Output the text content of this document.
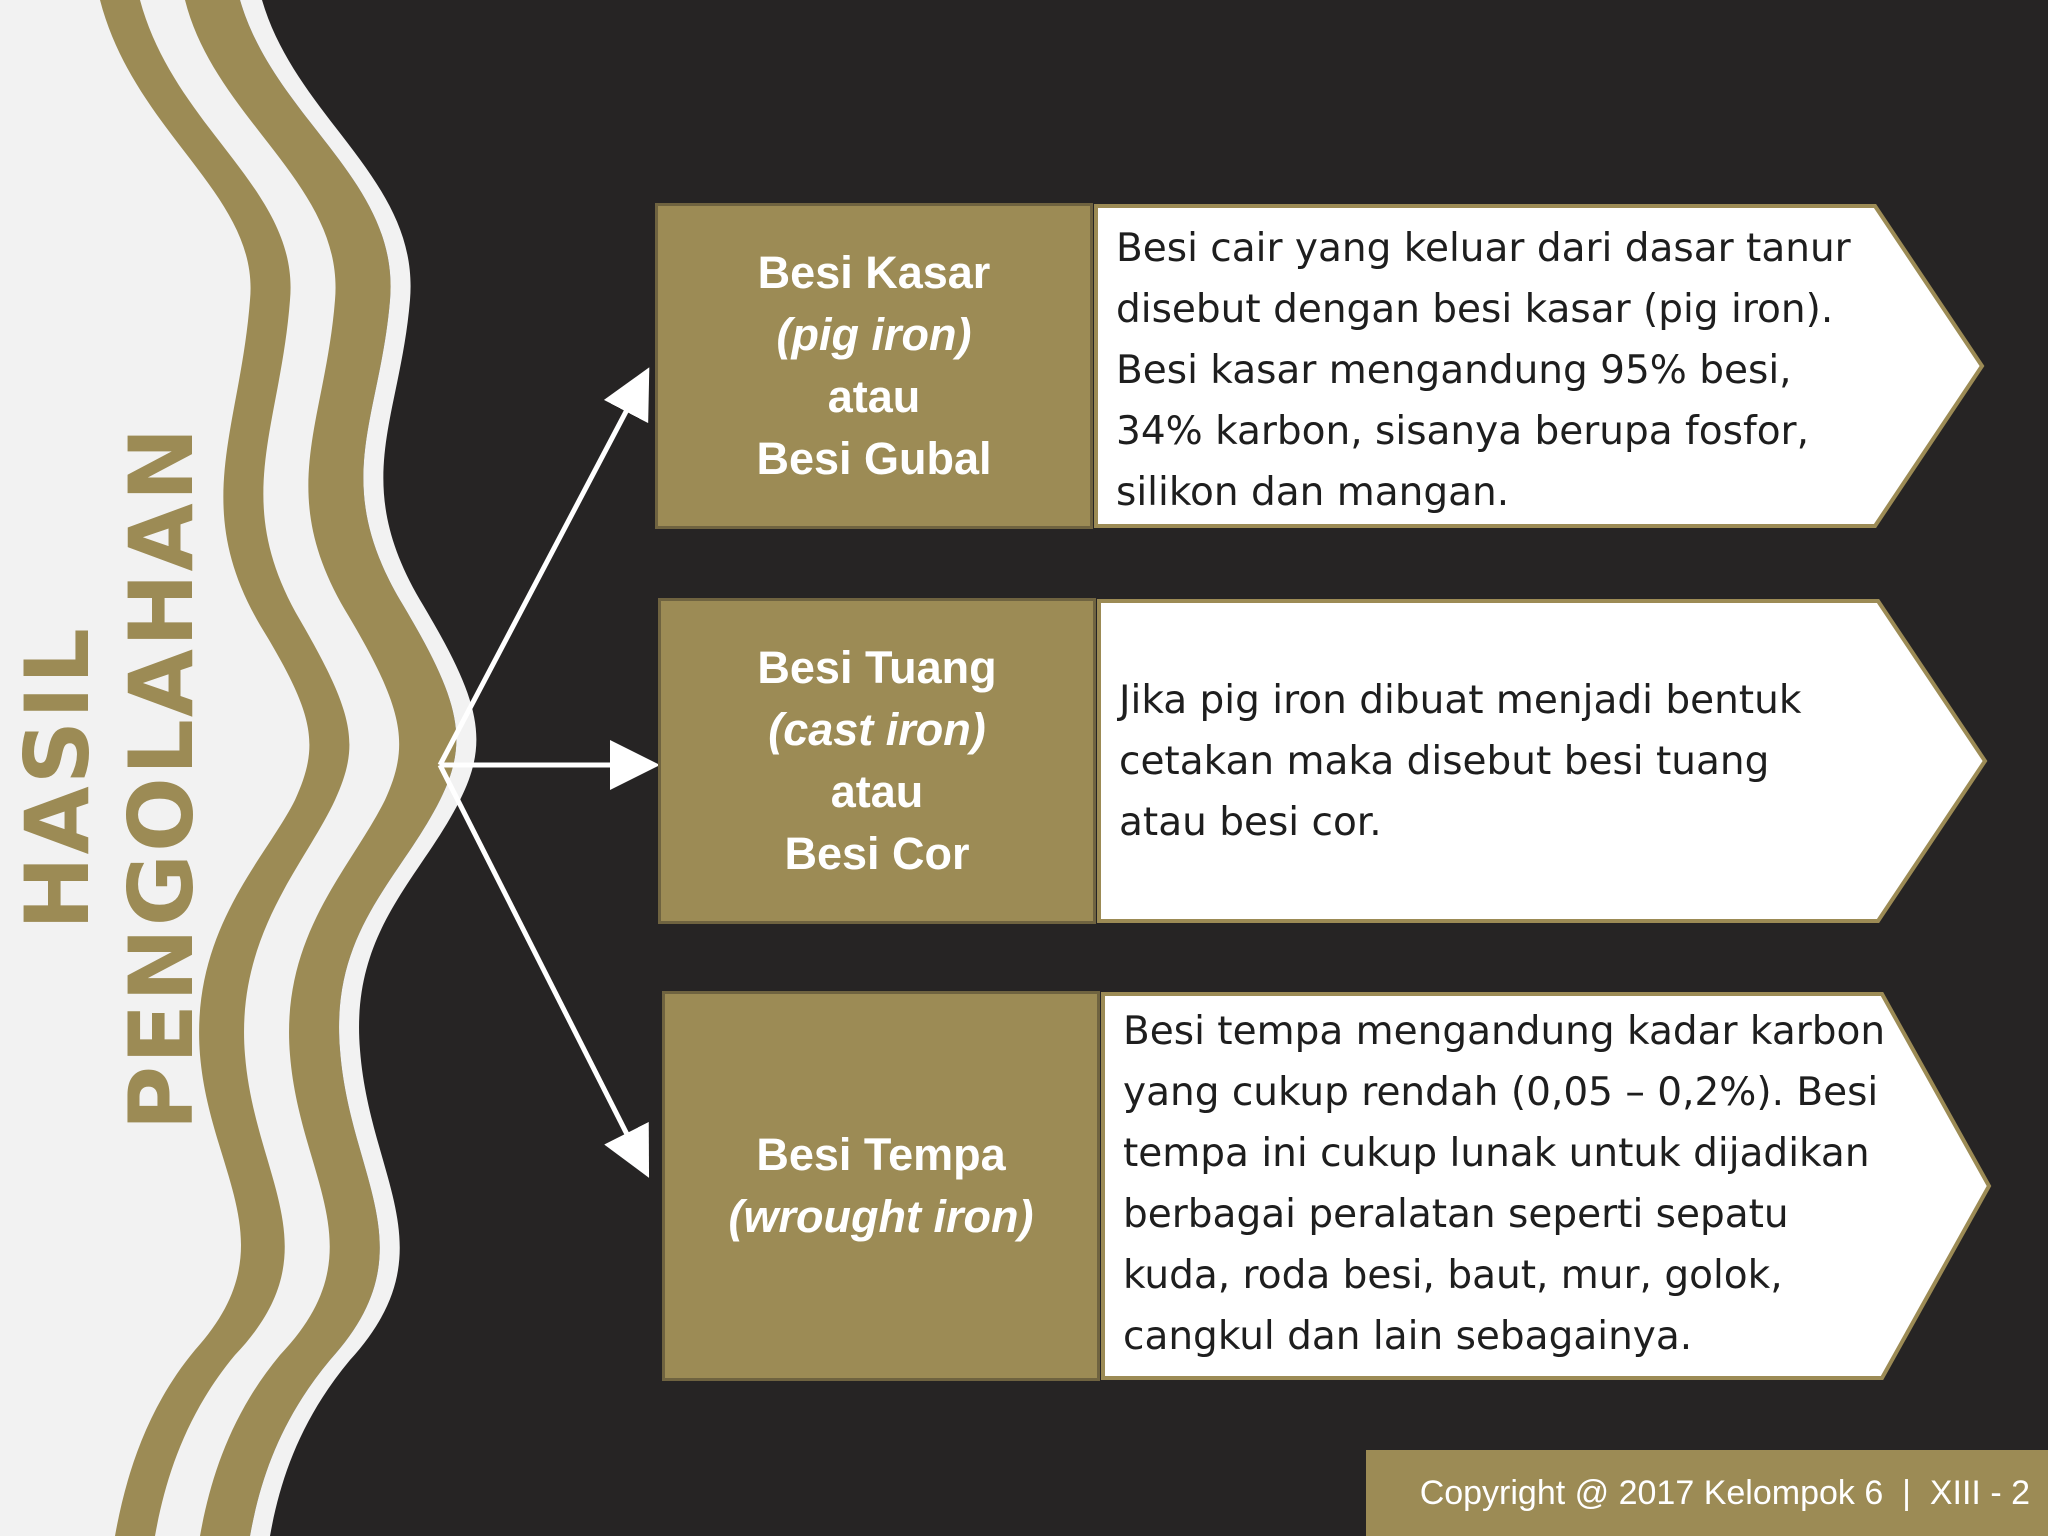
HASIL PENGOLAHAN
Besi Kasar
(pig iron)
atau
Besi Gubal
Besi cair yang keluar dari dasar tanur disebut dengan besi kasar (pig iron). Besi kasar mengandung 95% besi, 34% karbon, sisanya berupa fosfor, silikon dan mangan.
Besi Tuang
(cast iron)
atau
Besi Cor
Jika pig iron dibuat menjadi bentuk cetakan maka disebut besi tuang atau besi cor.
Besi Tempa
(wrought iron)
Besi tempa mengandung kadar karbon yang cukup rendah (0,05 – 0,2%). Besi tempa ini cukup lunak untuk dijadikan berbagai peralatan seperti sepatu kuda, roda besi, baut, mur, golok, cangkul dan lain sebagainya.
Copyright @ 2017 Kelompok 6  |  XIII - 2
